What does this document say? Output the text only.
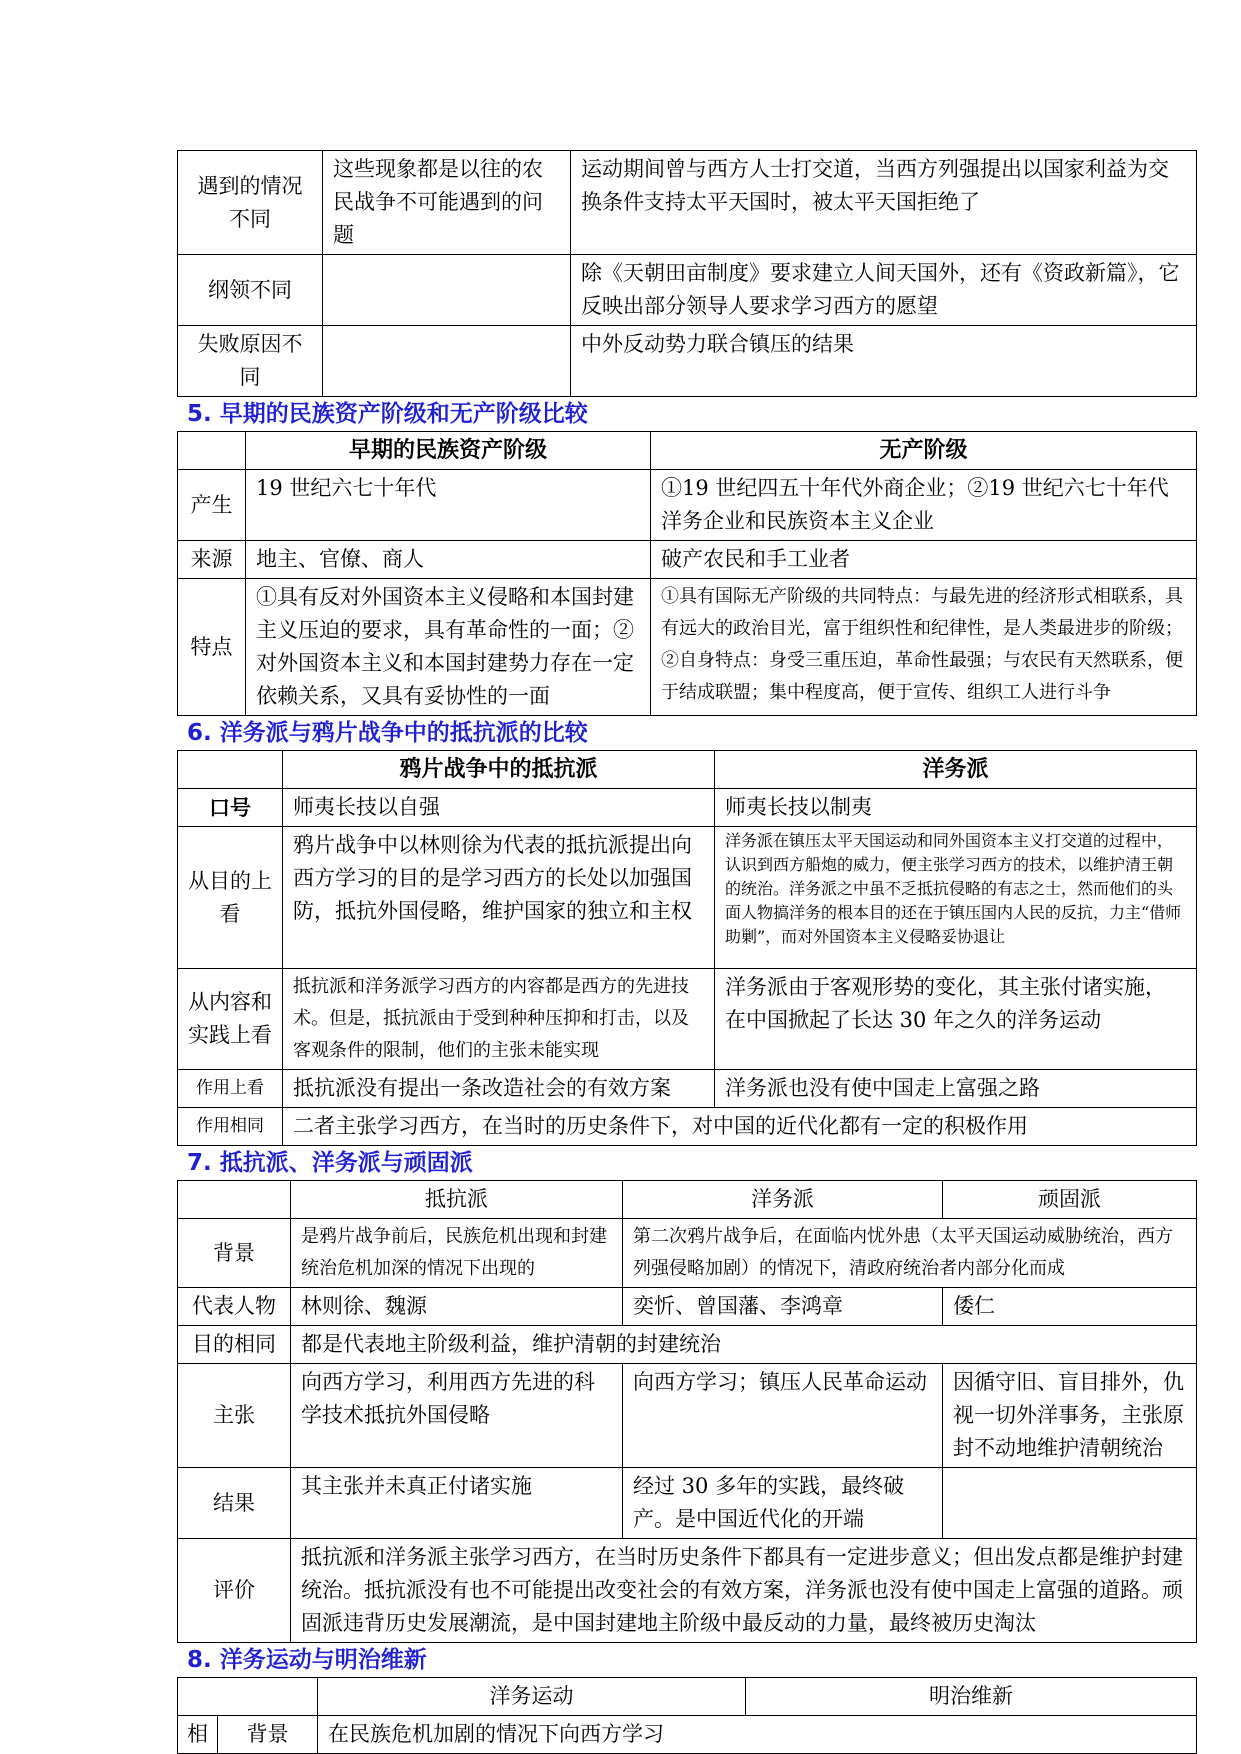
遇到的情况不同	这些现象都是以往的农民战争不可能遇到的问题	运动期间曾与西方人士打交道，当西方列强提出以国家利益为交换条件支持太平天国时，被太平天国拒绝了
纲领不同		除《天朝田亩制度》要求建立人间天国外，还有《资政新篇》，它反映出部分领导人要求学习西方的愿望
失败原因不同		中外反动势力联合镇压的结果
5. 早期的民族资产阶级和无产阶级比较
	早期的民族资产阶级	无产阶级
产生	19 世纪六七十年代	①19 世纪四五十年代外商企业；②19 世纪六七十年代洋务企业和民族资本主义企业
来源	地主、官僚、商人	破产农民和手工业者
特点	①具有反对外国资本主义侵略和本国封建主义压迫的要求，具有革命性的一面；②对外国资本主义和本国封建势力存在一定依赖关系，又具有妥协性的一面	①具有国际无产阶级的共同特点：与最先进的经济形式相联系，具有远大的政治目光，富于组织性和纪律性，是人类最进步的阶级；②自身特点：身受三重压迫，革命性最强；与农民有天然联系，便于结成联盟；集中程度高，便于宣传、组织工人进行斗争
6. 洋务派与鸦片战争中的抵抗派的比较
	鸦片战争中的抵抗派	洋务派
口号	师夷长技以自强	师夷长技以制夷
从目的上看	鸦片战争中以林则徐为代表的抵抗派提出向西方学习的目的是学习西方的长处以加强国防，抵抗外国侵略，维护国家的独立和主权	洋务派在镇压太平天国运动和同外国资本主义打交道的过程中，认识到西方船炮的威力，便主张学习西方的技术，以维护清王朝的统治。洋务派之中虽不乏抵抗侵略的有志之士，然而他们的头面人物搞洋务的根本目的还在于镇压国内人民的反抗，力主“借师助剿”，而对外国资本主义侵略妥协退让
从内容和实践上看	抵抗派和洋务派学习西方的内容都是西方的先进技术。但是，抵抗派由于受到种种压抑和打击，以及客观条件的限制，他们的主张未能实现	洋务派由于客观形势的变化，其主张付诸实施，在中国掀起了长达 30 年之久的洋务运动
作用上看	抵抗派没有提出一条改造社会的有效方案	洋务派也没有使中国走上富强之路
作用相同	二者主张学习西方，在当时的历史条件下，对中国的近代化都有一定的积极作用	
7. 抵抗派、洋务派与顽固派
	抵抗派	洋务派	顽固派
背景	是鸦片战争前后，民族危机出现和封建统治危机加深的情况下出现的	第二次鸦片战争后，在面临内忧外患（太平天国运动威胁统治，西方列强侵略加剧）的情况下，清政府统治者内部分化而成	
代表人物	林则徐、魏源	奕忻、曾国藩、李鸿章	倭仁
目的相同	都是代表地主阶级利益，维护清朝的封建统治		
主张	向西方学习，利用西方先进的科学技术抵抗外国侵略	向西方学习；镇压人民革命运动	因循守旧、盲目排外，仇视一切外洋事务，主张原封不动地维护清朝统治
结果	其主张并未真正付诸实施	经过 30 多年的实践，最终破产。是中国近代化的开端	
评价	抵抗派和洋务派主张学习西方，在当时历史条件下都具有一定进步意义；但出发点都是维护封建统治。抵抗派没有也不可能提出改变社会的有效方案，洋务派也没有使中国走上富强的道路。顽固派违背历史发展潮流，是中国封建地主阶级中最反动的力量，最终被历史淘汰		
8. 洋务运动与明治维新
		洋务运动	明治维新
相	背景	在民族危机加剧的情况下向西方学习	
